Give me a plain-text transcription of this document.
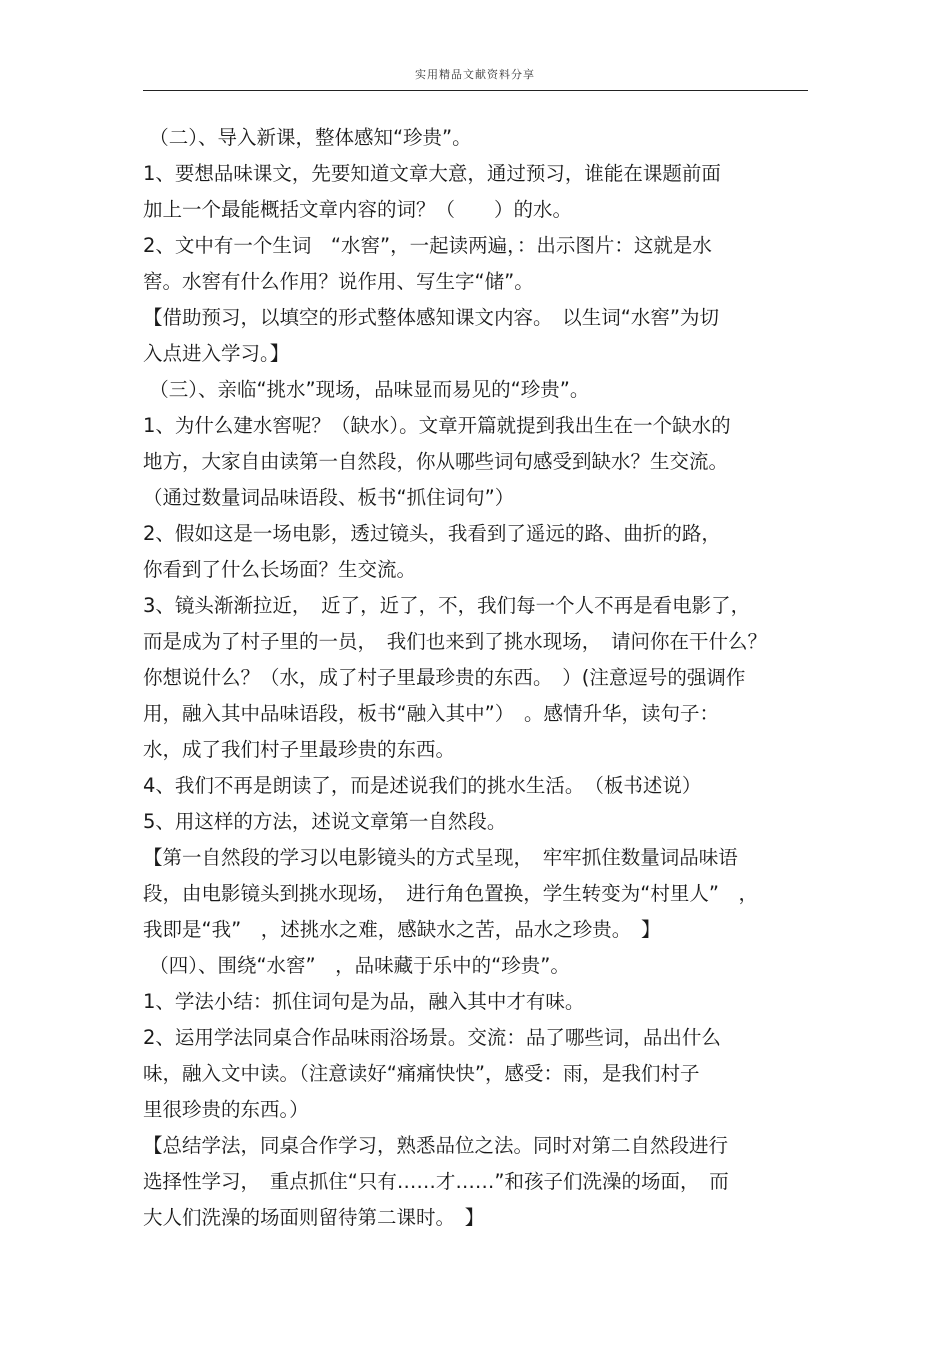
实用精品文献资料分享
（二）、导入新课，整体感知“珍贵”。
1、要想品味课文，先要知道文章大意，通过预习，谁能在课题前面
加上一个最能概括文章内容的词？（　　）的水。
2、文中有一个生词　“水窖”，一起读两遍，：出示图片：这就是水
窖。水窖有什么作用？说作用、写生字“储”。
【借助预习，以填空的形式整体感知课文内容。　以生词“水窖”为切
入点进入学习。】
（三）、亲临“挑水”现场，品味显而易见的“珍贵”。
1、为什么建水窖呢？（缺水）。文章开篇就提到我出生在一个缺水的
地方，大家自由读第一自然段，你从哪些词句感受到缺水？生交流。
（通过数量词品味语段、板书“抓住词句”）
2、假如这是一场电影，透过镜头，我看到了遥远的路、曲折的路，
你看到了什么长场面？生交流。
3、镜头渐渐拉近，　近了，近了，不，我们每一个人不再是看电影了，
而是成为了村子里的一员，　我们也来到了挑水现场，　请问你在干什么？
你想说什么？（水，成了村子里最珍贵的东西。　）(注意逗号的强调作
用，融入其中品味语段，板书“融入其中”）　。感情升华，读句子：
水，成了我们村子里最珍贵的东西。
4、我们不再是朗读了，而是述说我们的挑水生活。　（板书述说）
5、用这样的方法，述说文章第一自然段。
【第一自然段的学习以电影镜头的方式呈现，　牢牢抓住数量词品味语
段，由电影镜头到挑水现场，　进行角色置换，学生转变为“村里人”　，
我即是“我”　，述挑水之难，感缺水之苦，品水之珍贵。　】
（四）、围绕“水窖”　，品味藏于乐中的“珍贵”。
1、学法小结：抓住词句是为品，融入其中才有味。
2、运用学法同桌合作品味雨浴场景。交流：品了哪些词，品出什么
味，融入文中读。（注意读好“痛痛快快”，感受：雨，是我们村子
里很珍贵的东西。）
【总结学法，同桌合作学习，熟悉品位之法。同时对第二自然段进行
选择性学习，　重点抓住“只有……才……”和孩子们洗澡的场面，　而
大人们洗澡的场面则留待第二课时。　】
